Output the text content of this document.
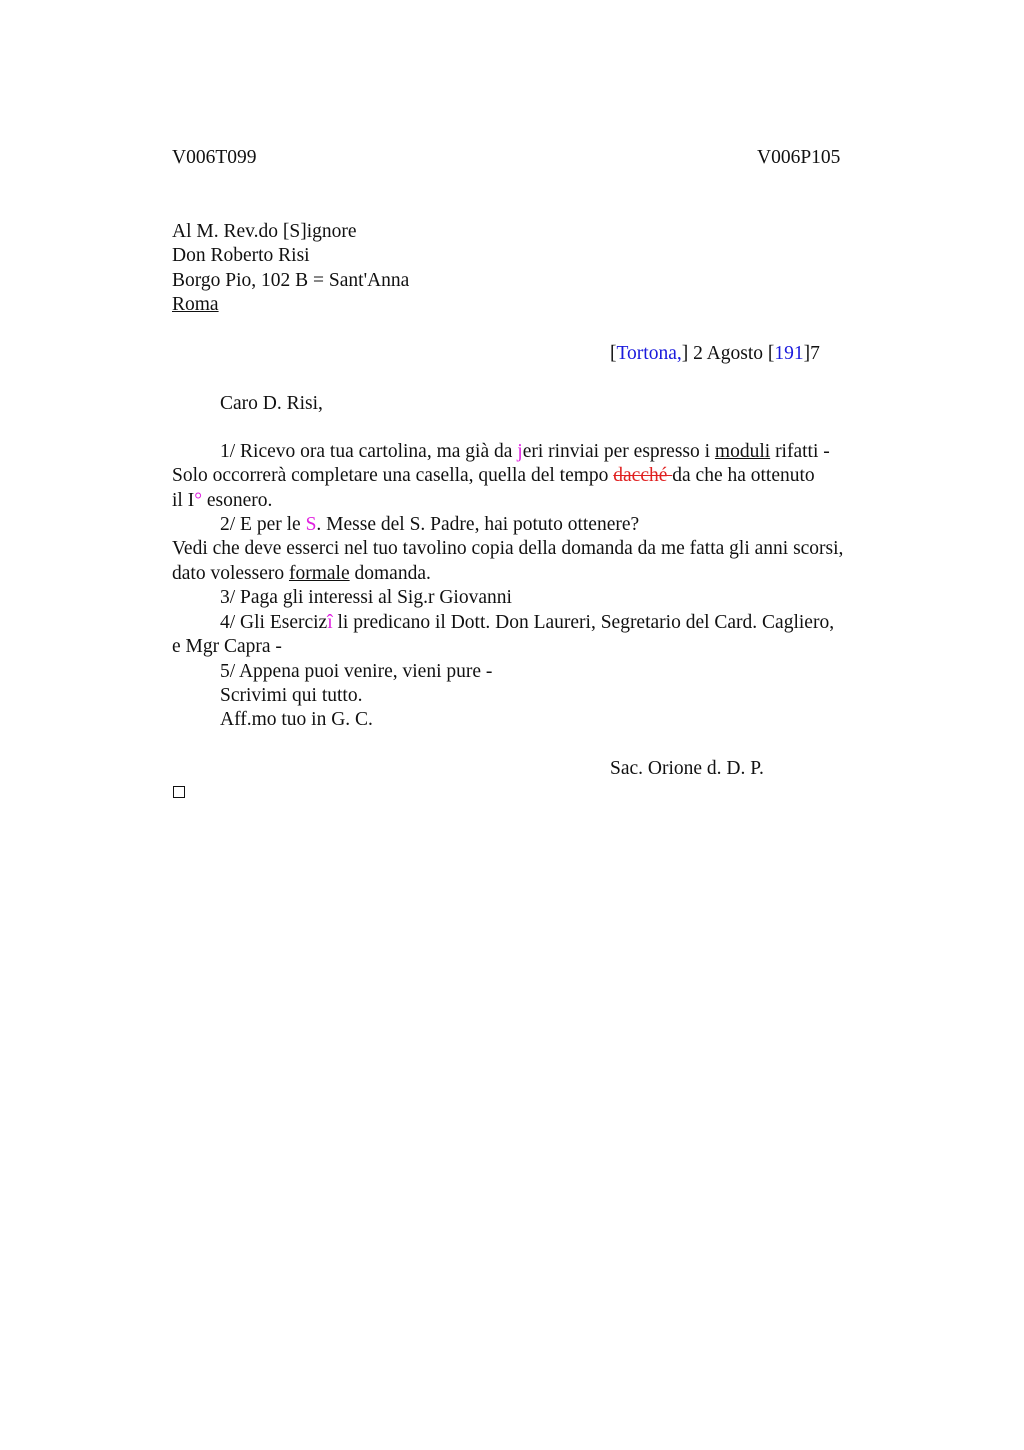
V006T099	V006P105
Al M. Rev.do [S]ignore
Don Roberto Risi
Borgo Pio, 102 B = Sant'Anna
Roma
[Tortona,] 2 Agosto [191]7
Caro D. Risi,
1/ Ricevo ora tua cartolina, ma già da jeri rinviai per espresso i moduli rifatti -
Solo occorrerà completare una casella, quella del tempo dacché da che ha ottenuto
il I° esonero.
2/ E per le S. Messe del S. Padre, hai potuto ottenere?
Vedi che deve esserci nel tuo tavolino copia della domanda da me fatta gli anni scorsi,
dato volessero formale domanda.
3/ Paga gli interessi al Sig.r Giovanni
4/ Gli Esercizî li predicano il Dott. Don Laureri, Segretario del Card. Cagliero,
e Mgr Capra -
5/ Appena puoi venire, vieni pure -
Scrivimi qui tutto.
Aff.mo tuo in G. C.
Sac. Orione d. D. P.
